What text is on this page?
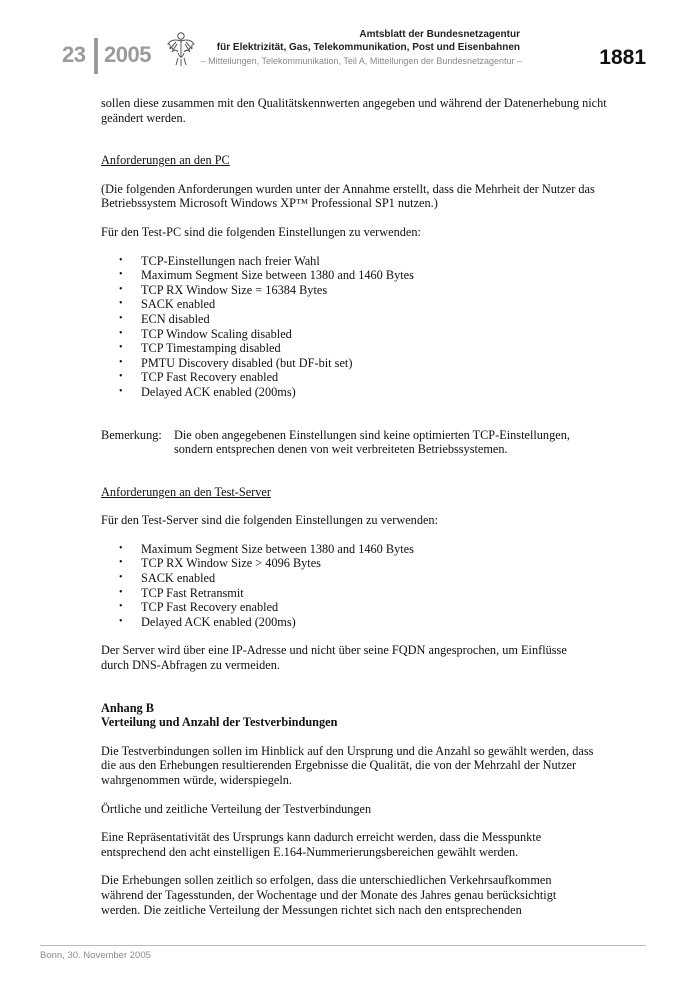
23 2005
Amtsblatt der Bundesnetzagentur
für Elektrizität, Gas, Telekommunikation, Post und Eisenbahnen
– Mitteilungen, Telekommunikation, Teil A, Mitteilungen der Bundesnetzagentur –	1881

sollen diese zusammen mit den Qualitätskennwerten angegeben und während der Datenerhebung nicht

geändert werden.

Anforderungen an den PC

(Die folgenden Anforderungen wurden unter der Annahme erstellt, dass die Mehrheit der Nutzer das

Betriebssystem Microsoft Windows XP™ Professional SP1 nutzen.)

Für den Test-PC sind die folgenden Einstellungen zu verwenden:

• TCP-Einstellungen nach freier Wahl
• Maximum Segment Size between 1380 and 1460 Bytes
• TCP RX Window Size = 16384 Bytes
• SACK enabled
• ECN disabled
• TCP Window Scaling disabled
• TCP Timestamping disabled
• PMTU Discovery disabled (but DF-bit set)
• TCP Fast Recovery enabled
• Delayed ACK enabled (200ms)
Bemerkung: Die oben angegebenen Einstellungen sind keine optimierten TCP-Einstellungen,
sondern entsprechen denen von weit verbreiteten Betriebssystemen.

Anforderungen an den Test-Server

Für den Test-Server sind die folgenden Einstellungen zu verwenden:

• Maximum Segment Size between 1380 and 1460 Bytes
• TCP RX Window Size > 4096 Bytes
• SACK enabled
• TCP Fast Retransmit
• TCP Fast Recovery enabled
• Delayed ACK enabled (200ms)

Der Server wird über eine IP-Adresse und nicht über seine FQDN angesprochen, um Einflüsse

durch DNS-Abfragen zu vermeiden.

Anhang B

Verteilung und Anzahl der Testverbindungen

Die Testverbindungen sollen im Hinblick auf den Ursprung und die Anzahl so gewählt werden, dass

die aus den Erhebungen resultierenden Ergebnisse die Qualität, die von der Mehrzahl der Nutzer

wahrgenommen würde, widerspiegeln.

Örtliche und zeitliche Verteilung der Testverbindungen

Eine Repräsentativität des Ursprungs kann dadurch erreicht werden, dass die Messpunkte

entsprechend den acht einstelligen E.164-Nummerierungsbereichen gewählt werden.

Die Erhebungen sollen zeitlich so erfolgen, dass die unterschiedlichen Verkehrsaufkommen

während der Tagesstunden, der Wochentage und der Monate des Jahres genau berücksichtigt

werden. Die zeitliche Verteilung der Messungen richtet sich nach den entsprechenden

Bonn, 30. November 2005
